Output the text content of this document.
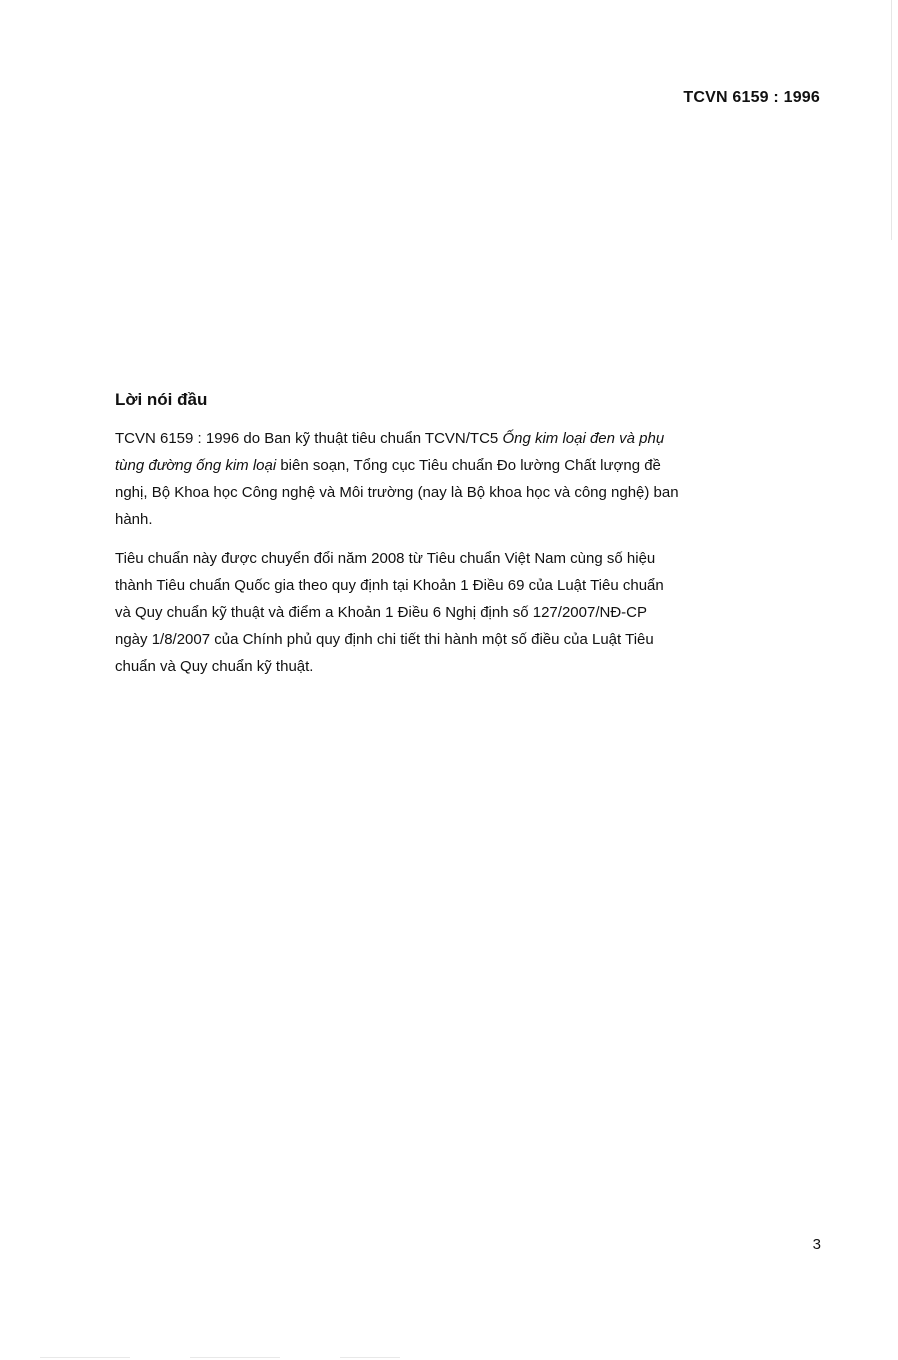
TCVN 6159 : 1996
Lời nói đầu

TCVN 6159 : 1996 do Ban kỹ thuật tiêu chuẩn TCVN/TC5 Ống kim loại đen và phụ tùng đường ống kim loại biên soạn, Tổng cục Tiêu chuẩn Đo lường Chất lượng đề nghị, Bộ Khoa học Công nghệ và Môi trường (nay là Bộ khoa học và công nghệ) ban hành.

Tiêu chuẩn này được chuyển đổi năm 2008 từ Tiêu chuẩn Việt Nam cùng số hiệu thành Tiêu chuẩn Quốc gia theo quy định tại Khoản 1 Điều 69 của Luật Tiêu chuẩn và Quy chuẩn kỹ thuật và điểm a Khoản 1 Điều 6 Nghị định số 127/2007/NĐ-CP ngày 1/8/2007 của Chính phủ quy định chi tiết thi hành một số điều của Luật Tiêu chuẩn và Quy chuẩn kỹ thuật.

3
